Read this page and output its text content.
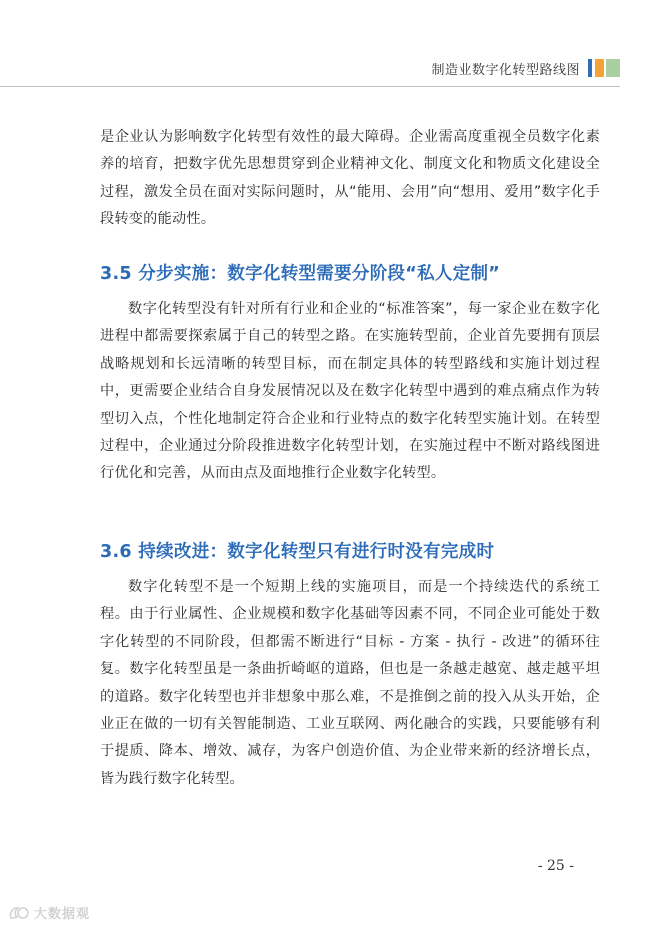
制造业数字化转型路线图
是企业认为影响数字化转型有效性的最大障碍。企业需高度重视全员数字化素养的培育，把数字优先思想贯穿到企业精神文化、制度文化和物质文化建设全过程，激发全员在面对实际问题时，从“能用、会用”向“想用、爱用”数字化手段转变的能动性。
3.5 分步实施：数字化转型需要分阶段“私人定制”
数字化转型没有针对所有行业和企业的“标准答案”，每一家企业在数字化进程中都需要探索属于自己的转型之路。在实施转型前，企业首先要拥有顶层战略规划和长远清晰的转型目标，而在制定具体的转型路线和实施计划过程中，更需要企业结合自身发展情况以及在数字化转型中遇到的难点痛点作为转型切入点，个性化地制定符合企业和行业特点的数字化转型实施计划。在转型过程中，企业通过分阶段推进数字化转型计划，在实施过程中不断对路线图进行优化和完善，从而由点及面地推行企业数字化转型。
3.6 持续改进：数字化转型只有进行时没有完成时
数字化转型不是一个短期上线的实施项目，而是一个持续迭代的系统工程。由于行业属性、企业规模和数字化基础等因素不同，不同企业可能处于数字化转型的不同阶段，但都需不断进行“目标 - 方案 - 执行 - 改进”的循环往复。数字化转型虽是一条曲折崎岖的道路，但也是一条越走越宽、越走越平坦的道路。数字化转型也并非想象中那么难，不是推倒之前的投入从头开始，企业正在做的一切有关智能制造、工业互联网、两化融合的实践，只要能够有利于提质、降本、增效、减存，为客户创造价值、为企业带来新的经济增长点，皆为践行数字化转型。
- 25 -
大数据观
